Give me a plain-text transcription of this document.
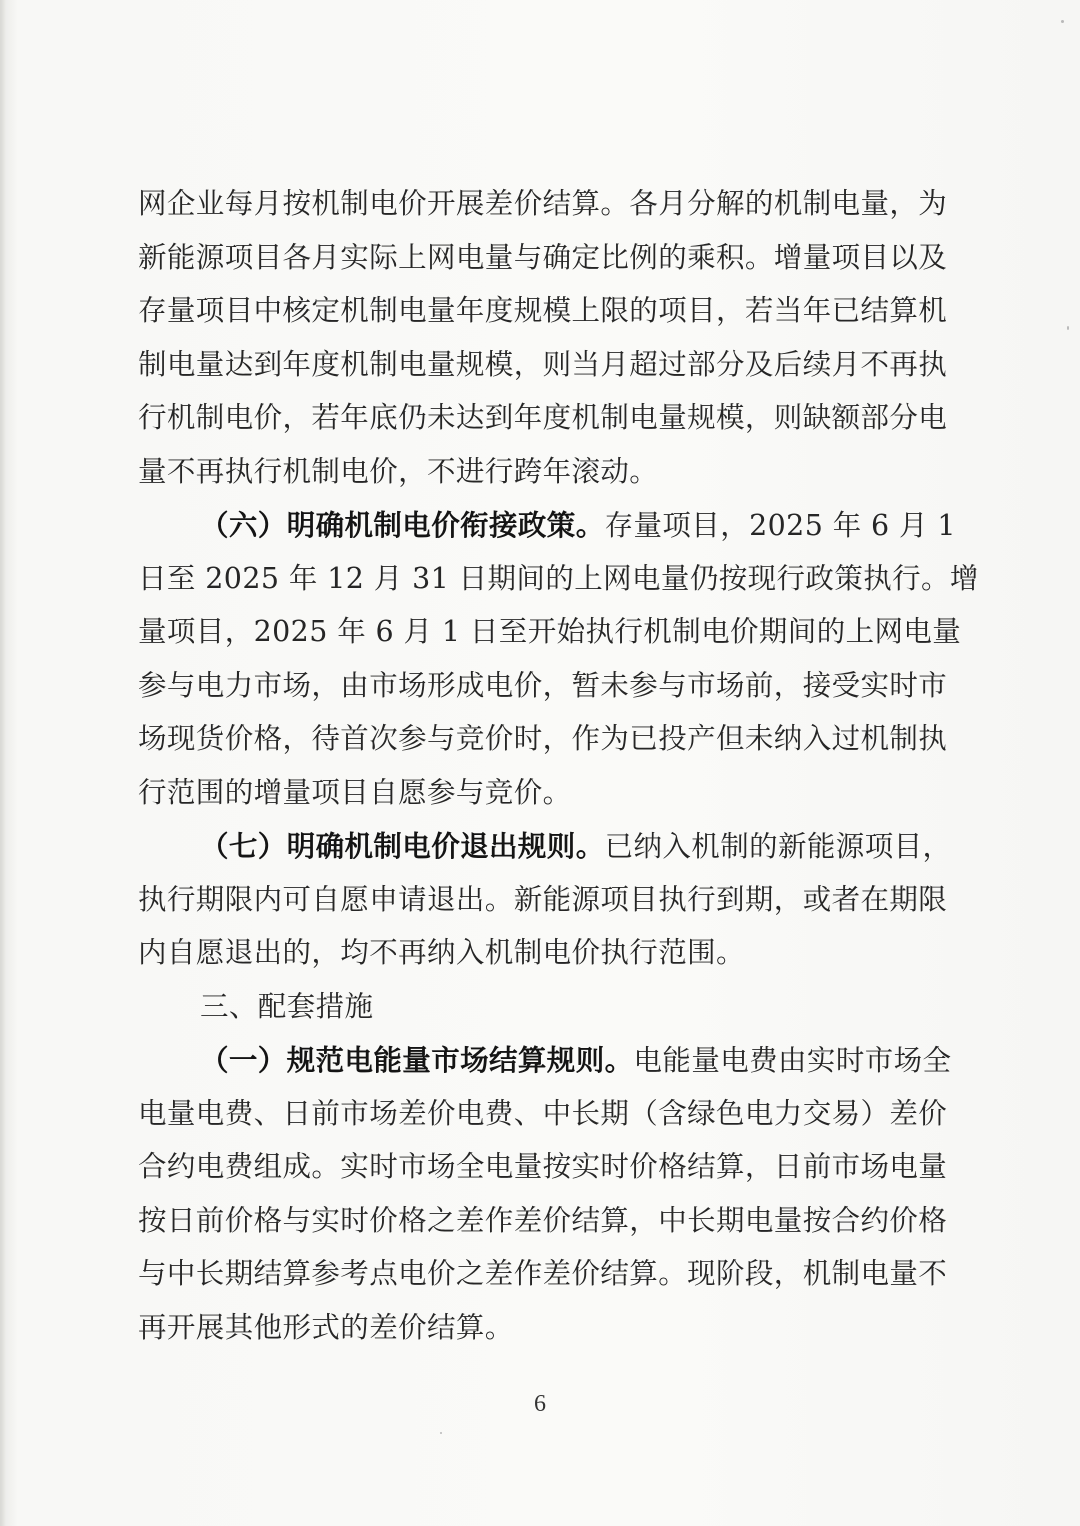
网企业每月按机制电价开展差价结算。各月分解的机制电量，为
新能源项目各月实际上网电量与确定比例的乘积。增量项目以及
存量项目中核定机制电量年度规模上限的项目，若当年已结算机
制电量达到年度机制电量规模，则当月超过部分及后续月不再执
行机制电价，若年底仍未达到年度机制电量规模，则缺额部分电
量不再执行机制电价，不进行跨年滚动。
（六）明确机制电价衔接政策。存量项目，2025 年 6 月 1
日至 2025 年 12 月 31 日期间的上网电量仍按现行政策执行。增
量项目，2025 年 6 月 1 日至开始执行机制电价期间的上网电量
参与电力市场，由市场形成电价，暂未参与市场前，接受实时市
场现货价格，待首次参与竞价时，作为已投产但未纳入过机制执
行范围的增量项目自愿参与竞价。
（七）明确机制电价退出规则。已纳入机制的新能源项目，
执行期限内可自愿申请退出。新能源项目执行到期，或者在期限
内自愿退出的，均不再纳入机制电价执行范围。
三、配套措施
（一）规范电能量市场结算规则。电能量电费由实时市场全
电量电费、日前市场差价电费、中长期（含绿色电力交易）差价
合约电费组成。实时市场全电量按实时价格结算，日前市场电量
按日前价格与实时价格之差作差价结算，中长期电量按合约价格
与中长期结算参考点电价之差作差价结算。现阶段，机制电量不
再开展其他形式的差价结算。
6
